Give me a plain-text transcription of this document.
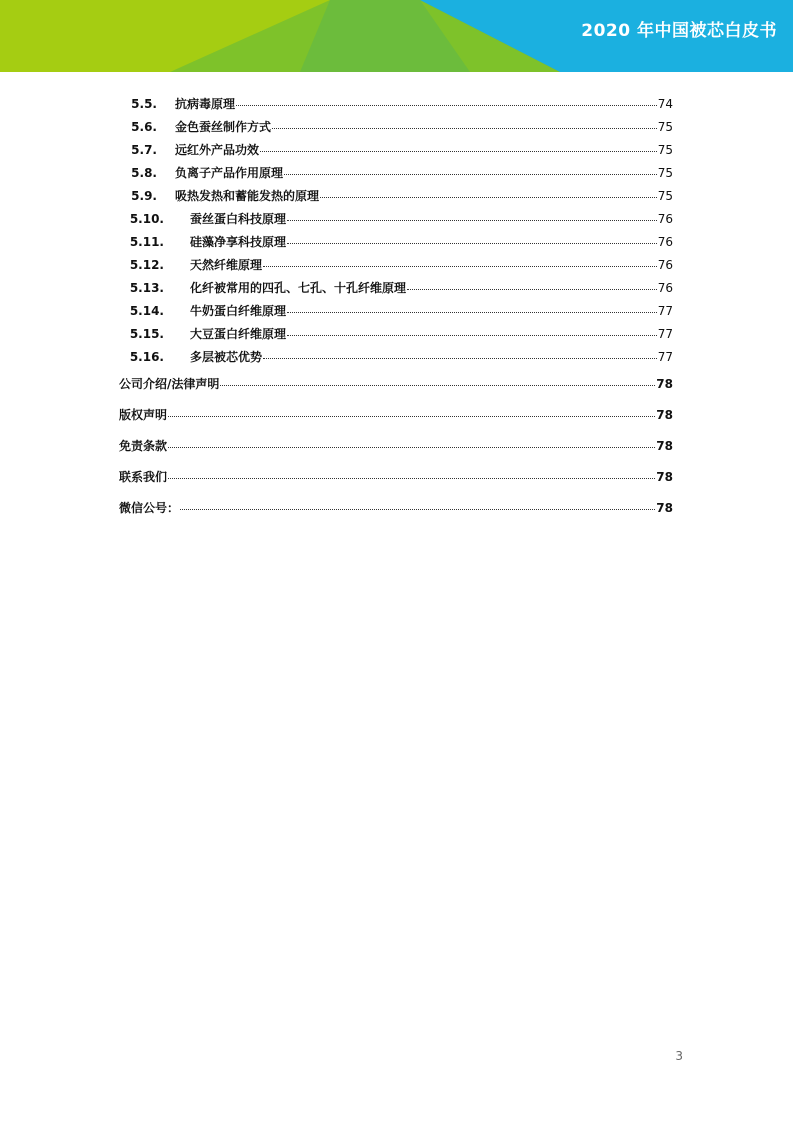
2020 年中国被芯白皮书
5.5. 抗病毒原理	74
5.6. 金色蚕丝制作方式	75
5.7. 远红外产品功效	75
5.8. 负离子产品作用原理	75
5.9. 吸热发热和蓄能发热的原理	75
5.10. 蚕丝蛋白科技原理	76
5.11. 硅藻净享科技原理	76
5.12. 天然纤维原理	76
5.13. 化纤被常用的四孔、七孔、十孔纤维原理	76
5.14. 牛奶蛋白纤维原理	77
5.15. 大豆蛋白纤维原理	77
5.16. 多层被芯优势	77
公司介绍/法律声明	78
版权声明	78
免责条款	78
联系我们	78
微信公号：	78
3
